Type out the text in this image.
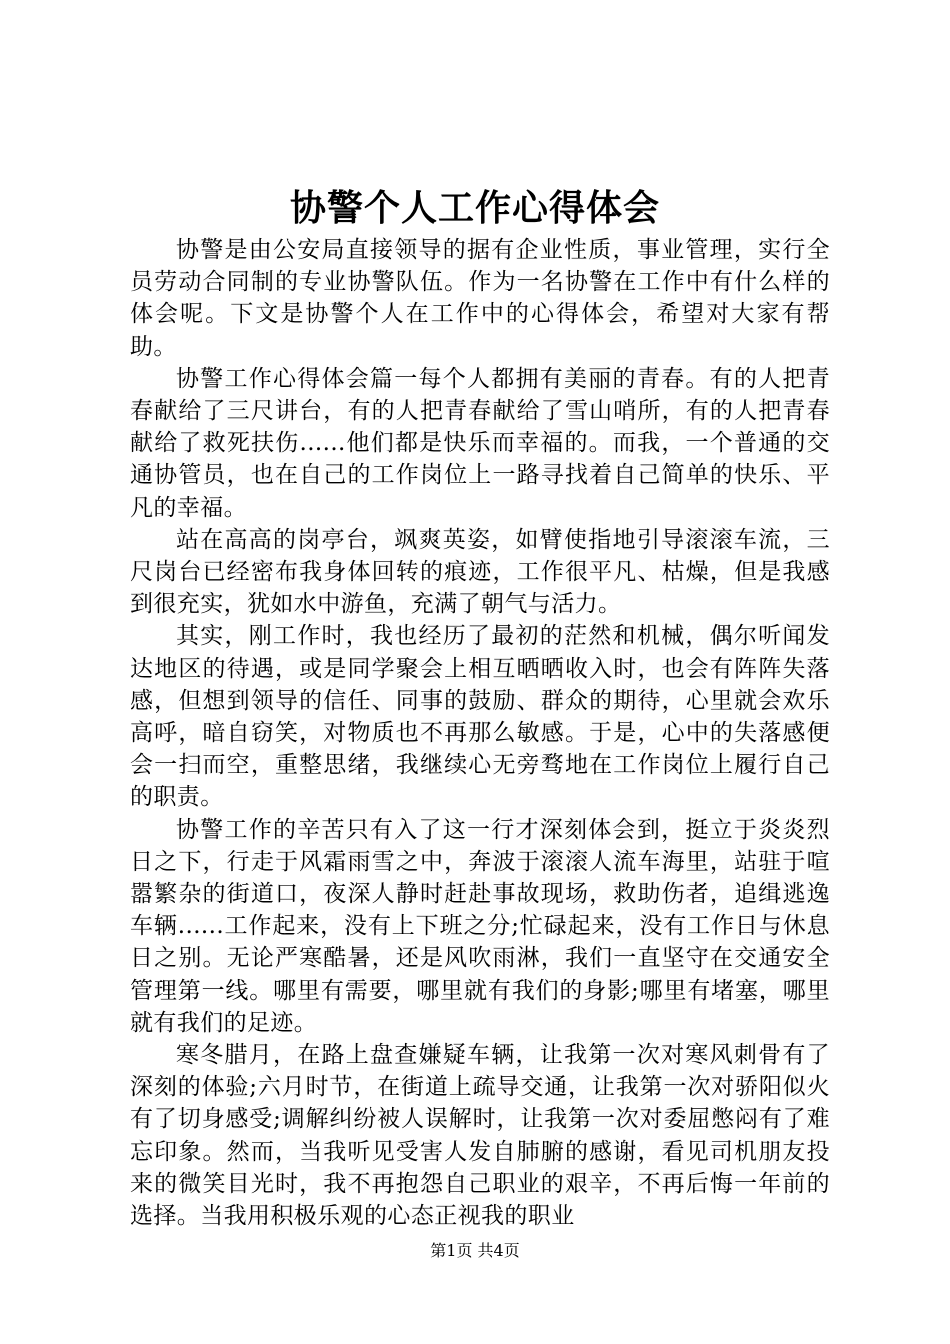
协警个人工作心得体会

协警是由公安局直接领导的据有企业性质，事业管理，实行全员劳动合同制的专业协警队伍。作为一名协警在工作中有什么样的体会呢。下文是协警个人在工作中的心得体会，希望对大家有帮助。

协警工作心得体会篇一每个人都拥有美丽的青春。有的人把青春献给了三尺讲台，有的人把青春献给了雪山哨所，有的人把青春献给了救死扶伤......他们都是快乐而幸福的。而我，一个普通的交通协管员，也在自己的工作岗位上一路寻找着自己简单的快乐、平凡的幸福。

站在高高的岗亭台，飒爽英姿，如臂使指地引导滚滚车流，三尺岗台已经密布我身体回转的痕迹，工作很平凡、枯燥，但是我感到很充实，犹如水中游鱼，充满了朝气与活力。

其实，刚工作时，我也经历了最初的茫然和机械，偶尔听闻发达地区的待遇，或是同学聚会上相互晒晒收入时，也会有阵阵失落感，但想到领导的信任、同事的鼓励、群众的期待，心里就会欢乐高呼，暗自窃笑，对物质也不再那么敏感。于是，心中的失落感便会一扫而空，重整思绪，我继续心无旁骛地在工作岗位上履行自己的职责。

协警工作的辛苦只有入了这一行才深刻体会到，挺立于炎炎烈日之下，行走于风霜雨雪之中，奔波于滚滚人流车海里，站驻于喧嚣繁杂的街道口，夜深人静时赶赴事故现场，救助伤者，追缉逃逸车辆......工作起来，没有上下班之分;忙碌起来，没有工作日与休息日之别。无论严寒酷暑，还是风吹雨淋，我们一直坚守在交通安全管理第一线。哪里有需要，哪里就有我们的身影;哪里有堵塞，哪里就有我们的足迹。

寒冬腊月，在路上盘查嫌疑车辆，让我第一次对寒风刺骨有了深刻的体验;六月时节，在街道上疏导交通，让我第一次对骄阳似火有了切身感受;调解纠纷被人误解时，让我第一次对委屈憋闷有了难忘印象。然而，当我听见受害人发自肺腑的感谢，看见司机朋友投来的微笑目光时，我不再抱怨自己职业的艰辛，不再后悔一年前的选择。当我用积极乐观的心态正视我的职业

第1页 共4页
